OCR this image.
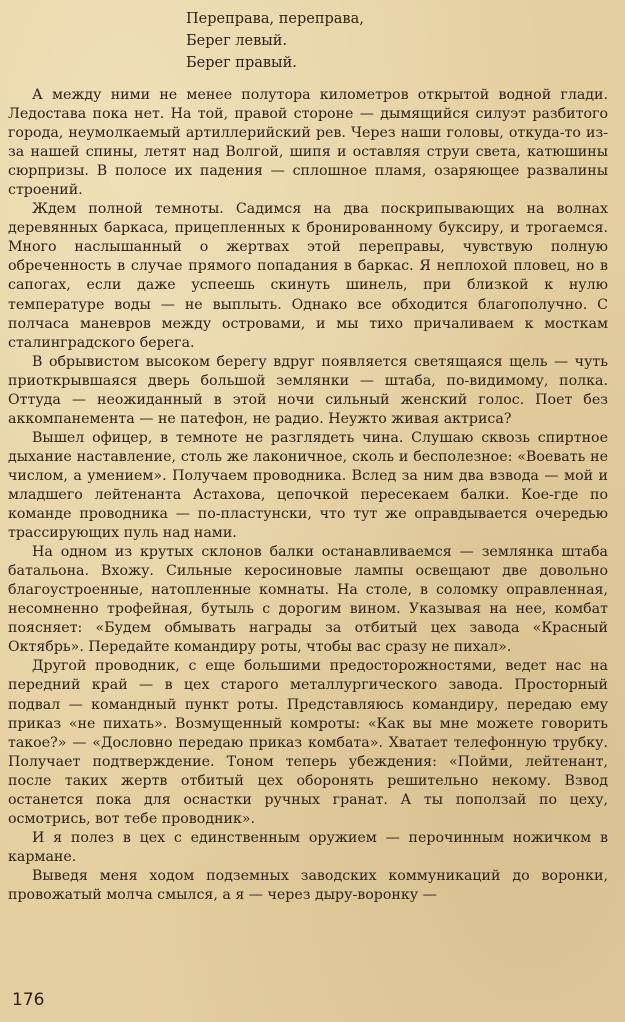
Переправа, переправа,
Берег левый.
Берег правый.

А между ними не менее полутора километров открытой водной глади. Ледостава пока нет. На той, правой стороне — дымящийся силуэт разбитого города, неумолкаемый артиллерийский рев. Через наши головы, откуда-то из-за нашей спины, летят над Волгой, шипя и оставляя струи света, катюшины сюрпризы. В полосе их падения — сплошное пламя, озаряющее развалины строений.

Ждем полной темноты. Садимся на два поскрипывающих на волнах деревянных баркаса, прицепленных к бронированному буксиру, и трогаемся. Много наслышанный о жертвах этой переправы, чувствую полную обреченность в случае прямого попадания в баркас. Я неплохой пловец, но в сапогах, если даже успеешь скинуть шинель, при близкой к нулю температуре воды — не выплыть. Однако все обходится благополучно. С полчаса маневров между островами, и мы тихо причаливаем к мосткам сталинградского берега.

В обрывистом высоком берегу вдруг появляется светящаяся щель — чуть приоткрывшаяся дверь большой землянки — штаба, по-видимому, полка. Оттуда — неожиданный в этой ночи сильный женский голос. Поет без аккомпанемента — не патефон, не радио. Неужто живая актриса?

Вышел офицер, в темноте не разглядеть чина. Слушаю сквозь спиртное дыхание наставление, столь же лаконичное, сколь и бесполезное: «Воевать не числом, а умением». Получаем проводника. Вслед за ним два взвода — мой и младшего лейтенанта Астахова, цепочкой пересекаем балки. Кое-где по команде проводника — по-пластунски, что тут же оправдывается очередью трассирующих пуль над нами.

На одном из крутых склонов балки останавливаемся — землянка штаба батальона. Вхожу. Сильные керосиновые лампы освещают две довольно благоустроенные, натопленные комнаты. На столе, в соломку оправленная, несомненно трофейная, бутыль с дорогим вином. Указывая на нее, комбат поясняет: «Будем обмывать награды за отбитый цех завода «Красный Октябрь». Передайте командиру роты, чтобы вас сразу не пихал».

Другой проводник, с еще большими предосторожностями, ведет нас на передний край — в цех старого металлургического завода. Просторный подвал — командный пункт роты. Представляюсь командиру, передаю ему приказ «не пихать». Возмущенный комроты: «Как вы мне можете говорить такое?» — «Дословно передаю приказ комбата». Хватает телефонную трубку. Получает подтверждение. Тоном теперь убеждения: «Пойми, лейтенант, после таких жертв отбитый цех оборонять решительно некому. Взвод останется пока для оснастки ручных гранат. А ты поползай по цеху, осмотрись, вот тебе проводник».

И я полез в цех с единственным оружием — перочинным ножичком в кармане.

Выведя меня ходом подземных заводских коммуникаций до воронки, провожатый молча смылся, а я — через дыру-воронку —

176
